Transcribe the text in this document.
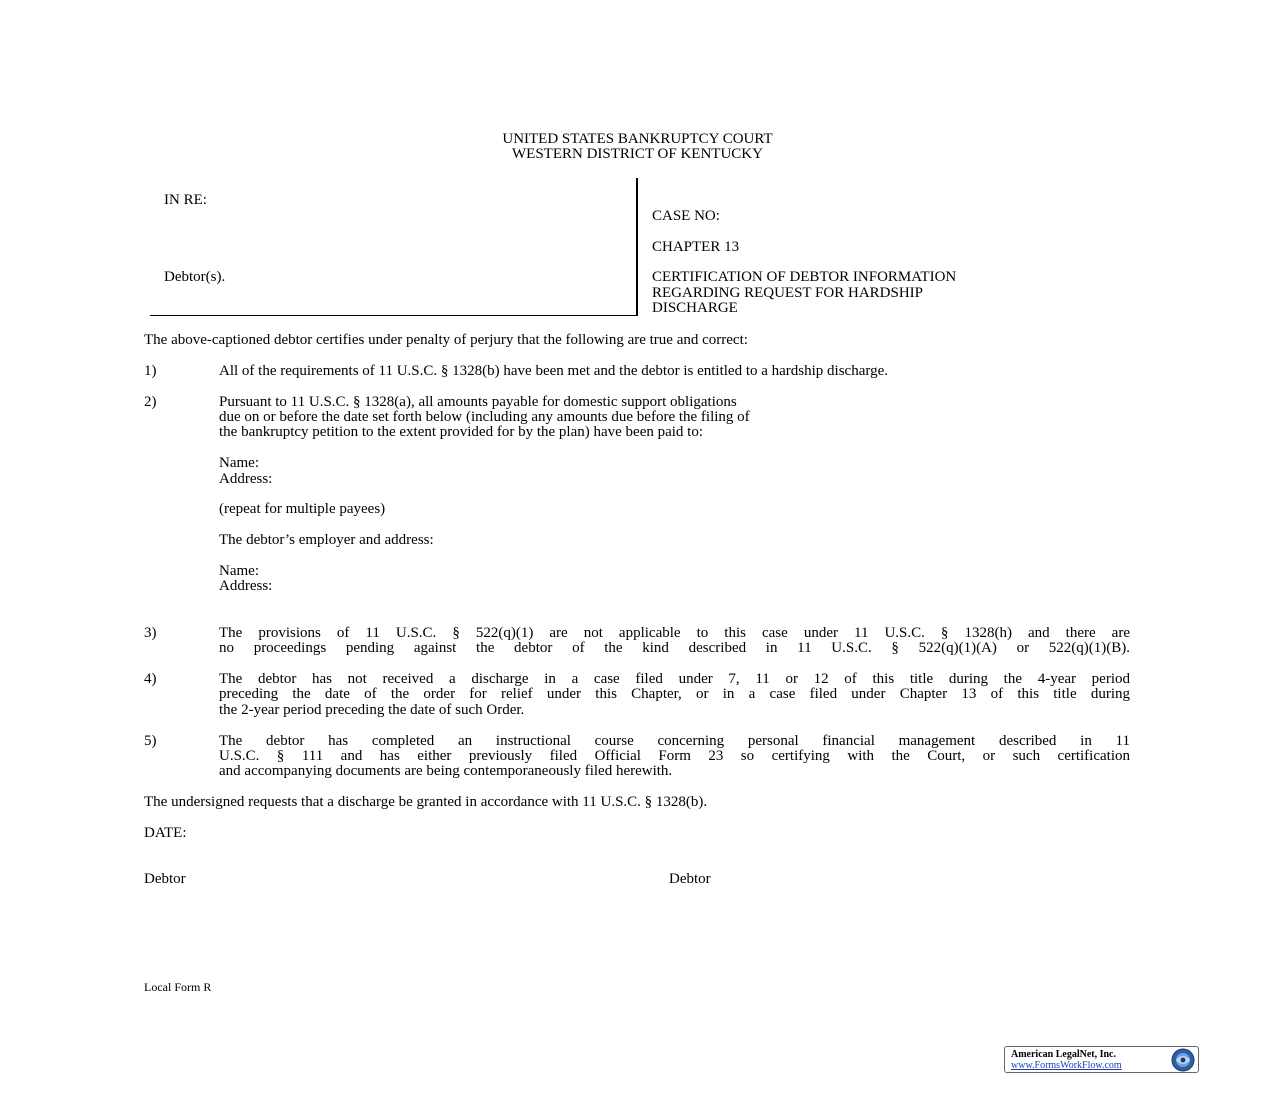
UNITED STATES BANKRUPTCY COURT
WESTERN DISTRICT OF KENTUCKY
IN RE:
Debtor(s).
CASE NO:
CHAPTER 13
CERTIFICATION OF DEBTOR INFORMATION
REGARDING REQUEST FOR HARDSHIP
DISCHARGE
The above-captioned debtor certifies under penalty of perjury that the following are true and correct:
1)	All of the requirements of 11 U.S.C. § 1328(b) have been met and the debtor is entitled to a hardship discharge.
2)	Pursuant to 11 U.S.C. § 1328(a), all amounts payable for domestic support obligations
due on or before the date set forth below (including any amounts due before the filing of
the bankruptcy petition to the extent provided for by the plan) have been paid to:
Name:
Address:
(repeat for multiple payees)
The debtor’s employer and address:
Name:
Address:
3)	The provisions of 11 U.S.C. § 522(q)(1) are not applicable to this case under 11 U.S.C. § 1328(h) and there are
no proceedings pending against the debtor of the kind described in 11 U.S.C. § 522(q)(1)(A) or 522(q)(1)(B).
4)	The debtor has not received a discharge in a case filed under 7, 11 or 12 of this title during the 4-year period
preceding the date of the order for relief under this Chapter, or in a case filed under Chapter 13 of this title during
the 2-year period preceding the date of such Order.
5)	The debtor has completed an instructional course concerning personal financial management described in 11
U.S.C. § 111 and has either previously filed Official Form 23 so certifying with the Court, or such certification
and accompanying documents are being contemporaneously filed herewith.
The undersigned requests that a discharge be granted in accordance with 11 U.S.C. § 1328(b).
DATE:
Debtor	Debtor
Local Form R
American LegalNet, Inc.
www.FormsWorkFlow.com
